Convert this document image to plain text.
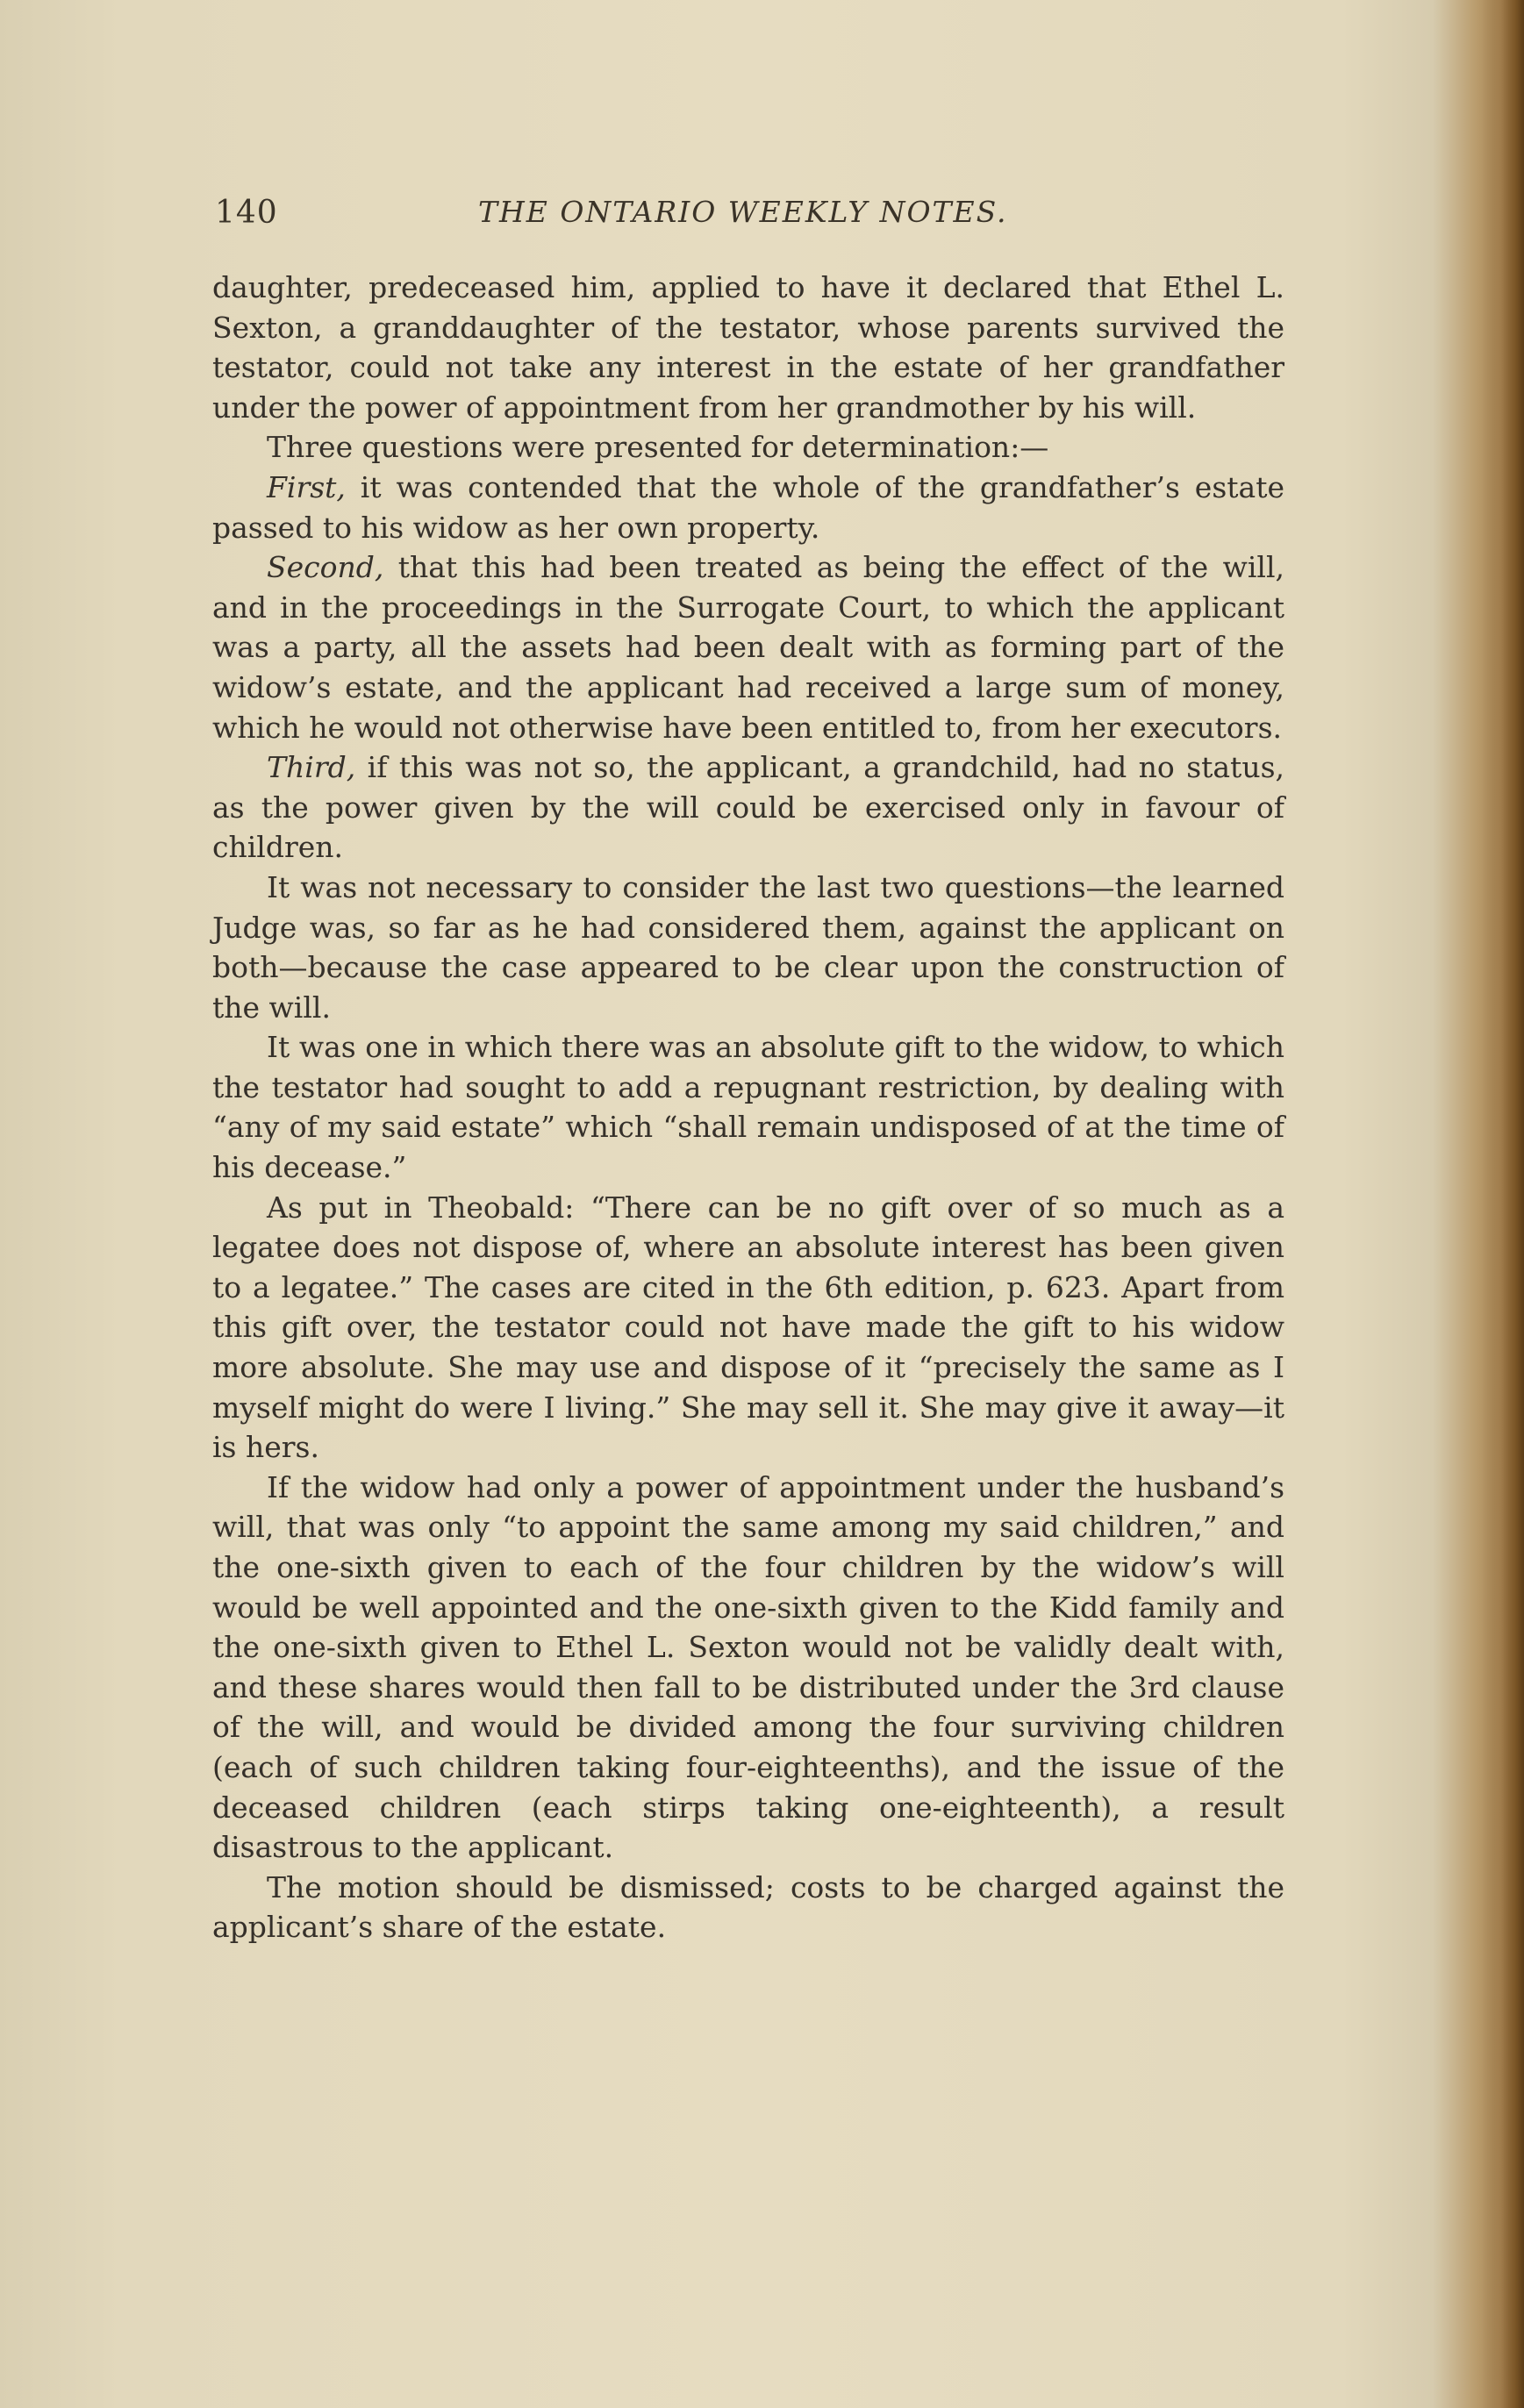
140	THE ONTARIO WEEKLY NOTES.

daughter, predeceased him, applied to have it declared that Ethel L. Sexton, a granddaughter of the testator, whose parents survived the testator, could not take any interest in the estate of her grandfather under the power of appointment from her grandmother by his will.

Three questions were presented for determination:—

First, it was contended that the whole of the grandfather’s estate passed to his widow as her own property.

Second, that this had been treated as being the effect of the will, and in the proceedings in the Surrogate Court, to which the applicant was a party, all the assets had been dealt with as forming part of the widow’s estate, and the applicant had received a large sum of money, which he would not otherwise have been entitled to, from her executors.

Third, if this was not so, the applicant, a grandchild, had no status, as the power given by the will could be exercised only in favour of children.

It was not necessary to consider the last two questions—the learned Judge was, so far as he had considered them, against the applicant on both—because the case appeared to be clear upon the construction of the will.

It was one in which there was an absolute gift to the widow, to which the testator had sought to add a repugnant restriction, by dealing with “any of my said estate” which “shall remain undisposed of at the time of his decease.”

As put in Theobald: “There can be no gift over of so much as a legatee does not dispose of, where an absolute interest has been given to a legatee.” The cases are cited in the 6th edition, p. 623. Apart from this gift over, the testator could not have made the gift to his widow more absolute. She may use and dispose of it “precisely the same as I myself might do were I living.” She may sell it. She may give it away—it is hers.

If the widow had only a power of appointment under the husband’s will, that was only “to appoint the same among my said children,” and the one-sixth given to each of the four children by the widow’s will would be well appointed and the one-sixth given to the Kidd family and the one-sixth given to Ethel L. Sexton would not be validly dealt with, and these shares would then fall to be distributed under the 3rd clause of the will, and would be divided among the four surviving children (each of such children taking four-eighteenths), and the issue of the deceased children (each stirps taking one-eighteenth), a result disastrous to the applicant.

The motion should be dismissed; costs to be charged against the applicant’s share of the estate.
